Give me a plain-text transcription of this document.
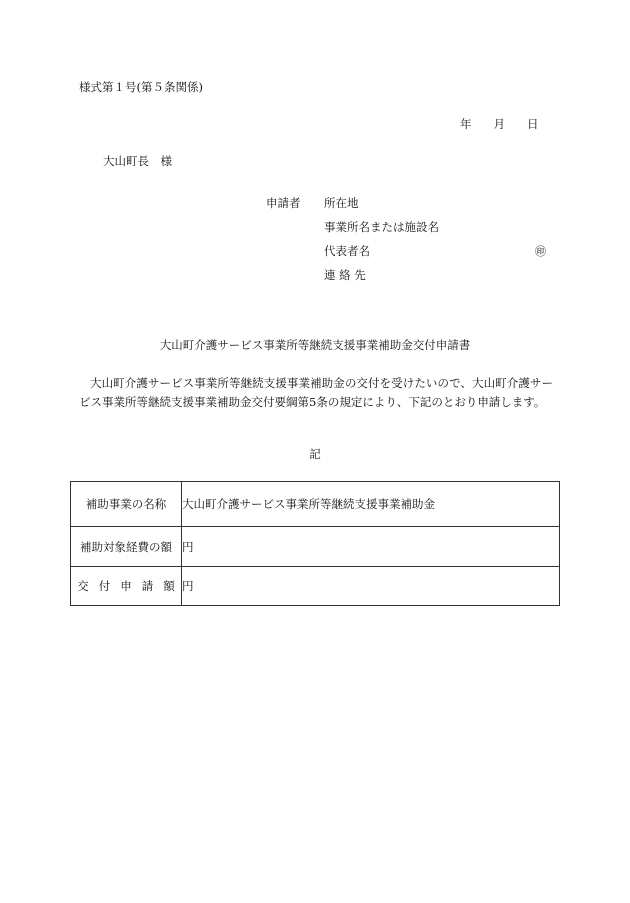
様式第１号(第５条関係)
年 月 日
大山町長　様
申請者 所在地
事業所名または施設名
代表者名	㊞
連 絡 先
大山町介護サービス事業所等継続支援事業補助金交付申請書
大山町介護サービス事業所等継続支援事業補助金の交付を受けたいので、大山町介護サービス事業所等継続支援事業補助金交付要綱第5条の規定により、下記のとおり申請します。
記
補助事業の名称	大山町介護サービス事業所等継続支援事業補助金
補助対象経費の額	円
交付申請額	円
